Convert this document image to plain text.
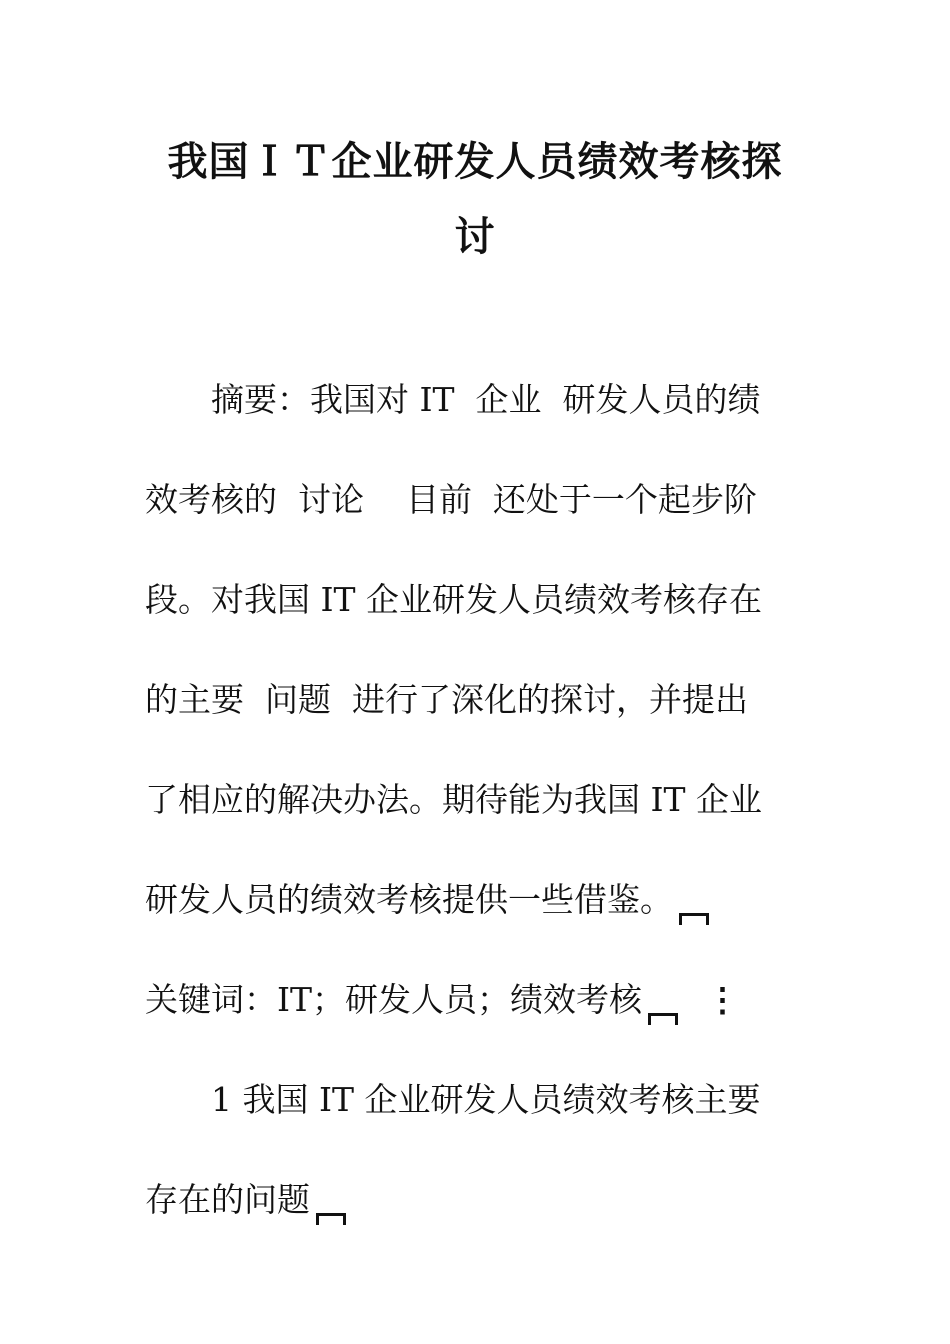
我国ＩＴ企业研发人员绩效考核探
讨
　　摘要：我国对 IT  企业  研发人员的绩
效考核的  讨论    目前  还处于一个起步阶
段。对我国 IT 企业研发人员绩效考核存在
的主要  问题  进行了深化的探讨，并提出
了相应的解决办法。期待能为我国 IT 企业
研发人员的绩效考核提供一些借鉴。
关键词：IT；研发人员；绩效考核 ⋮
　　1 我国 IT 企业研发人员绩效考核主要
存在的问题
